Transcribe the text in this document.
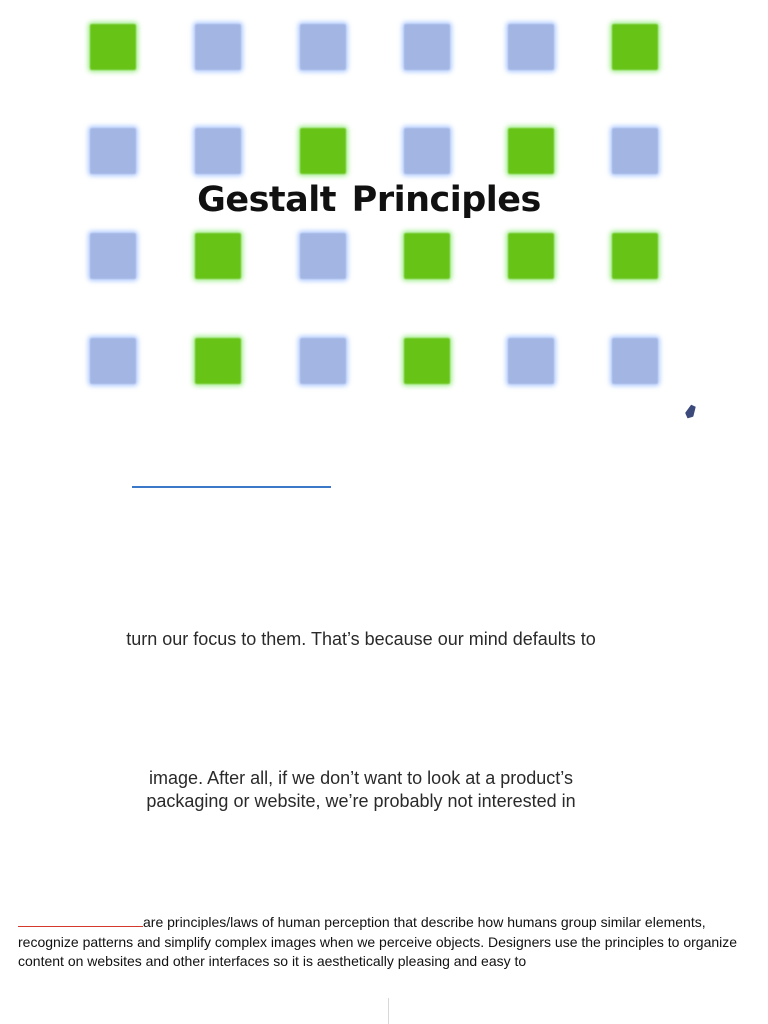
Gestalt Principles

turn our focus to them. That’s because our mind defaults to

image. After all, if we don’t want to look at a product’s

packaging or website, we’re probably not interested in

are principles/laws of human perception that describe how humans group similar elements, recognize patterns and simplify complex images when we perceive objects. Designers use the principles to organize content on websites and other interfaces so it is aesthetically pleasing and easy to
